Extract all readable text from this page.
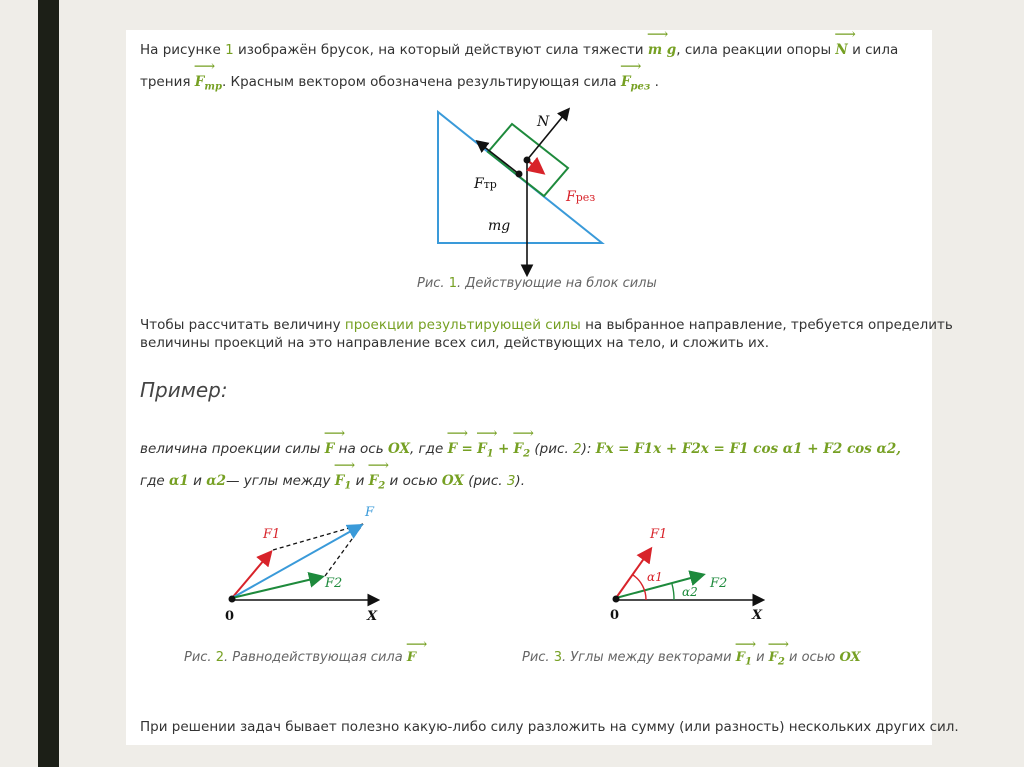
На рисунке 1 изображён брусок, на который действуют сила тяжести ⟶ m g, сила реакции опоры ⟶ N и сила
трения ⟶ $F_{тр}$. Красным вектором обозначена результирующая сила ⟶ $F_{рез}$ .
N
Fтр
Fрез
mg
Рис. 1. Действующие на блок силы
Чтобы рассчитать величину проекции результирующей силы на выбранное направление, требуется определить
величины проекций на это направление всех сил, действующих на тело, и сложить их.
Пример:
величина проекции силы ⟶ F на ось OX, где ⟶ F = ⟶ $F_1$ + ⟶ $F_2$ (рис. 2): Fx = F1x + F2x = F1 cos α1 + F2 cos α2,
где α1 и α2— углы между ⟶ $F_1$ и ⟶ $F_2$ и осью OX (рис. 3).
F1
F
F2
0	X
Рис. 2. Равнодействующая сила ⟶ F
F1
α1	F2
α2
0	X
Рис. 3. Углы между векторами ⟶ $F_1$ и ⟶ $F_2$ и осью OX
При решении задач бывает полезно какую-либо силу разложить на сумму (или разность) нескольких других сил.
